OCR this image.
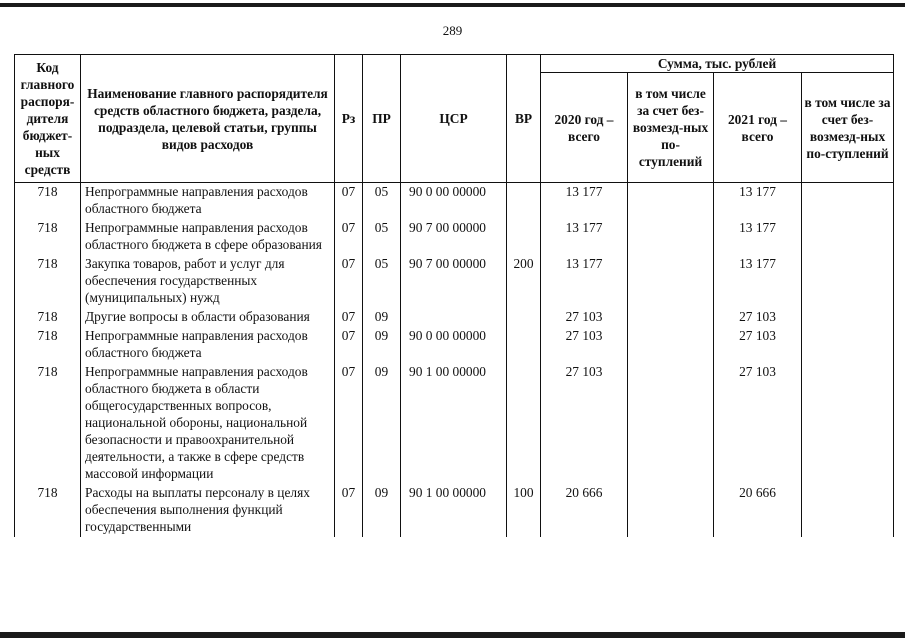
289
Код главного распоря-дителя бюджет-ных средств	Наименование главного распорядителя средств областного бюджета, раздела, подраздела, целевой статьи, группы видов расходов	Рз	ПР	ЦСР	ВР	Сумма, тыс. рублей			
						2020 год – всего	в том числе за счет без-возмезд-ных по-ступлений	2021 год – всего	в том числе за счет без-возмезд-ных по-ступлений
718	Непрограммные направления расходов областного бюджета	07	05	90 0 00 00000		13 177		13 177	
718	Непрограммные направления расходов областного бюджета в сфере образования	07	05	90 7 00 00000		13 177		13 177	
718	Закупка товаров, работ и услуг для обеспечения государственных (муниципальных) нужд	07	05	90 7 00 00000	200	13 177		13 177	
718	Другие вопросы в области образования	07	09			27 103		27 103	
718	Непрограммные направления расходов областного бюджета	07	09	90 0 00 00000		27 103		27 103	
718	Непрограммные направления расходов областного бюджета в области общегосударственных вопросов, национальной обороны, национальной безопасности и правоохранительной деятельности, а также в сфере средств массовой информации	07	09	90 1 00 00000		27 103		27 103	
718	Расходы на выплаты персоналу в целях обеспечения выполнения функций государственными	07	09	90 1 00 00000	100	20 666		20 666	
